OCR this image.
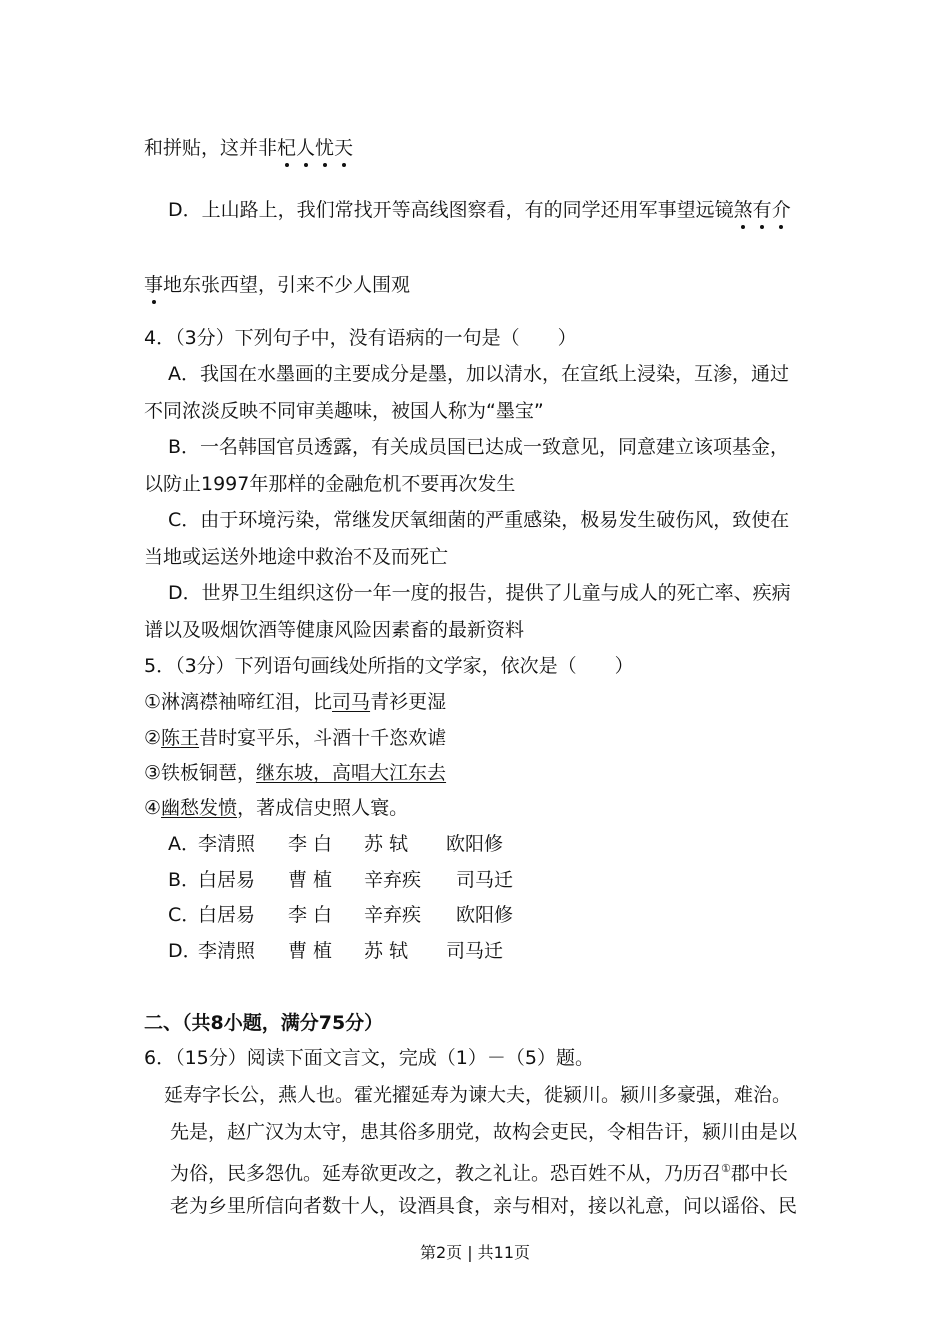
和拼贴，这并非杞人忧天
D．上山路上，我们常找开等高线图察看，有的同学还用军事望远镜煞有介
事地东张西望，引来不少人围观
4．（3分）下列句子中，没有语病的一句是（　　）
A．我国在水墨画的主要成分是墨，加以清水，在宣纸上浸染，互渗，通过
不同浓淡反映不同审美趣味，被国人称为“墨宝”
B．一名韩国官员透露，有关成员国已达成一致意见，同意建立该项基金，
以防止1997年那样的金融危机不要再次发生
C．由于环境污染，常继发厌氧细菌的严重感染，极易发生破伤风，致使在
当地或运送外地途中救治不及而死亡
D．世界卫生组织这份一年一度的报告，提供了儿童与成人的死亡率、疾病
谱以及吸烟饮酒等健康风险因素畜的最新资料
5．（3分）下列语句画线处所指的文学家，依次是（　　）
①淋漓襟袖啼红泪，比司马青衫更湿
②陈王昔时宴平乐，斗酒十千恣欢谑
③铁板铜琶，继东坡，高唱大江东去
④幽愁发愤，著成信史照人寰。
A．李清照 李 白 苏 轼 欧阳修
B．白居易 曹 植 辛弃疾 司马迁
C．白居易 李 白 辛弃疾 欧阳修
D．李清照 曹 植 苏 轼 司马迁
二、（共8小题，满分75分）
6．（15分）阅读下面文言文，完成（1）－（5）题。
延寿字长公，燕人也。霍光擢延寿为谏大夫，徙颍川。颍川多豪强，难治。
先是，赵广汉为太守，患其俗多朋党，故构会吏民，令相告讦，颍川由是以
为俗，民多怨仇。延寿欲更改之，教之礼让。恐百姓不从，乃历召①郡中长
老为乡里所信向者数十人，设酒具食，亲与相对，接以礼意，问以谣俗、民
第2页 | 共11页
